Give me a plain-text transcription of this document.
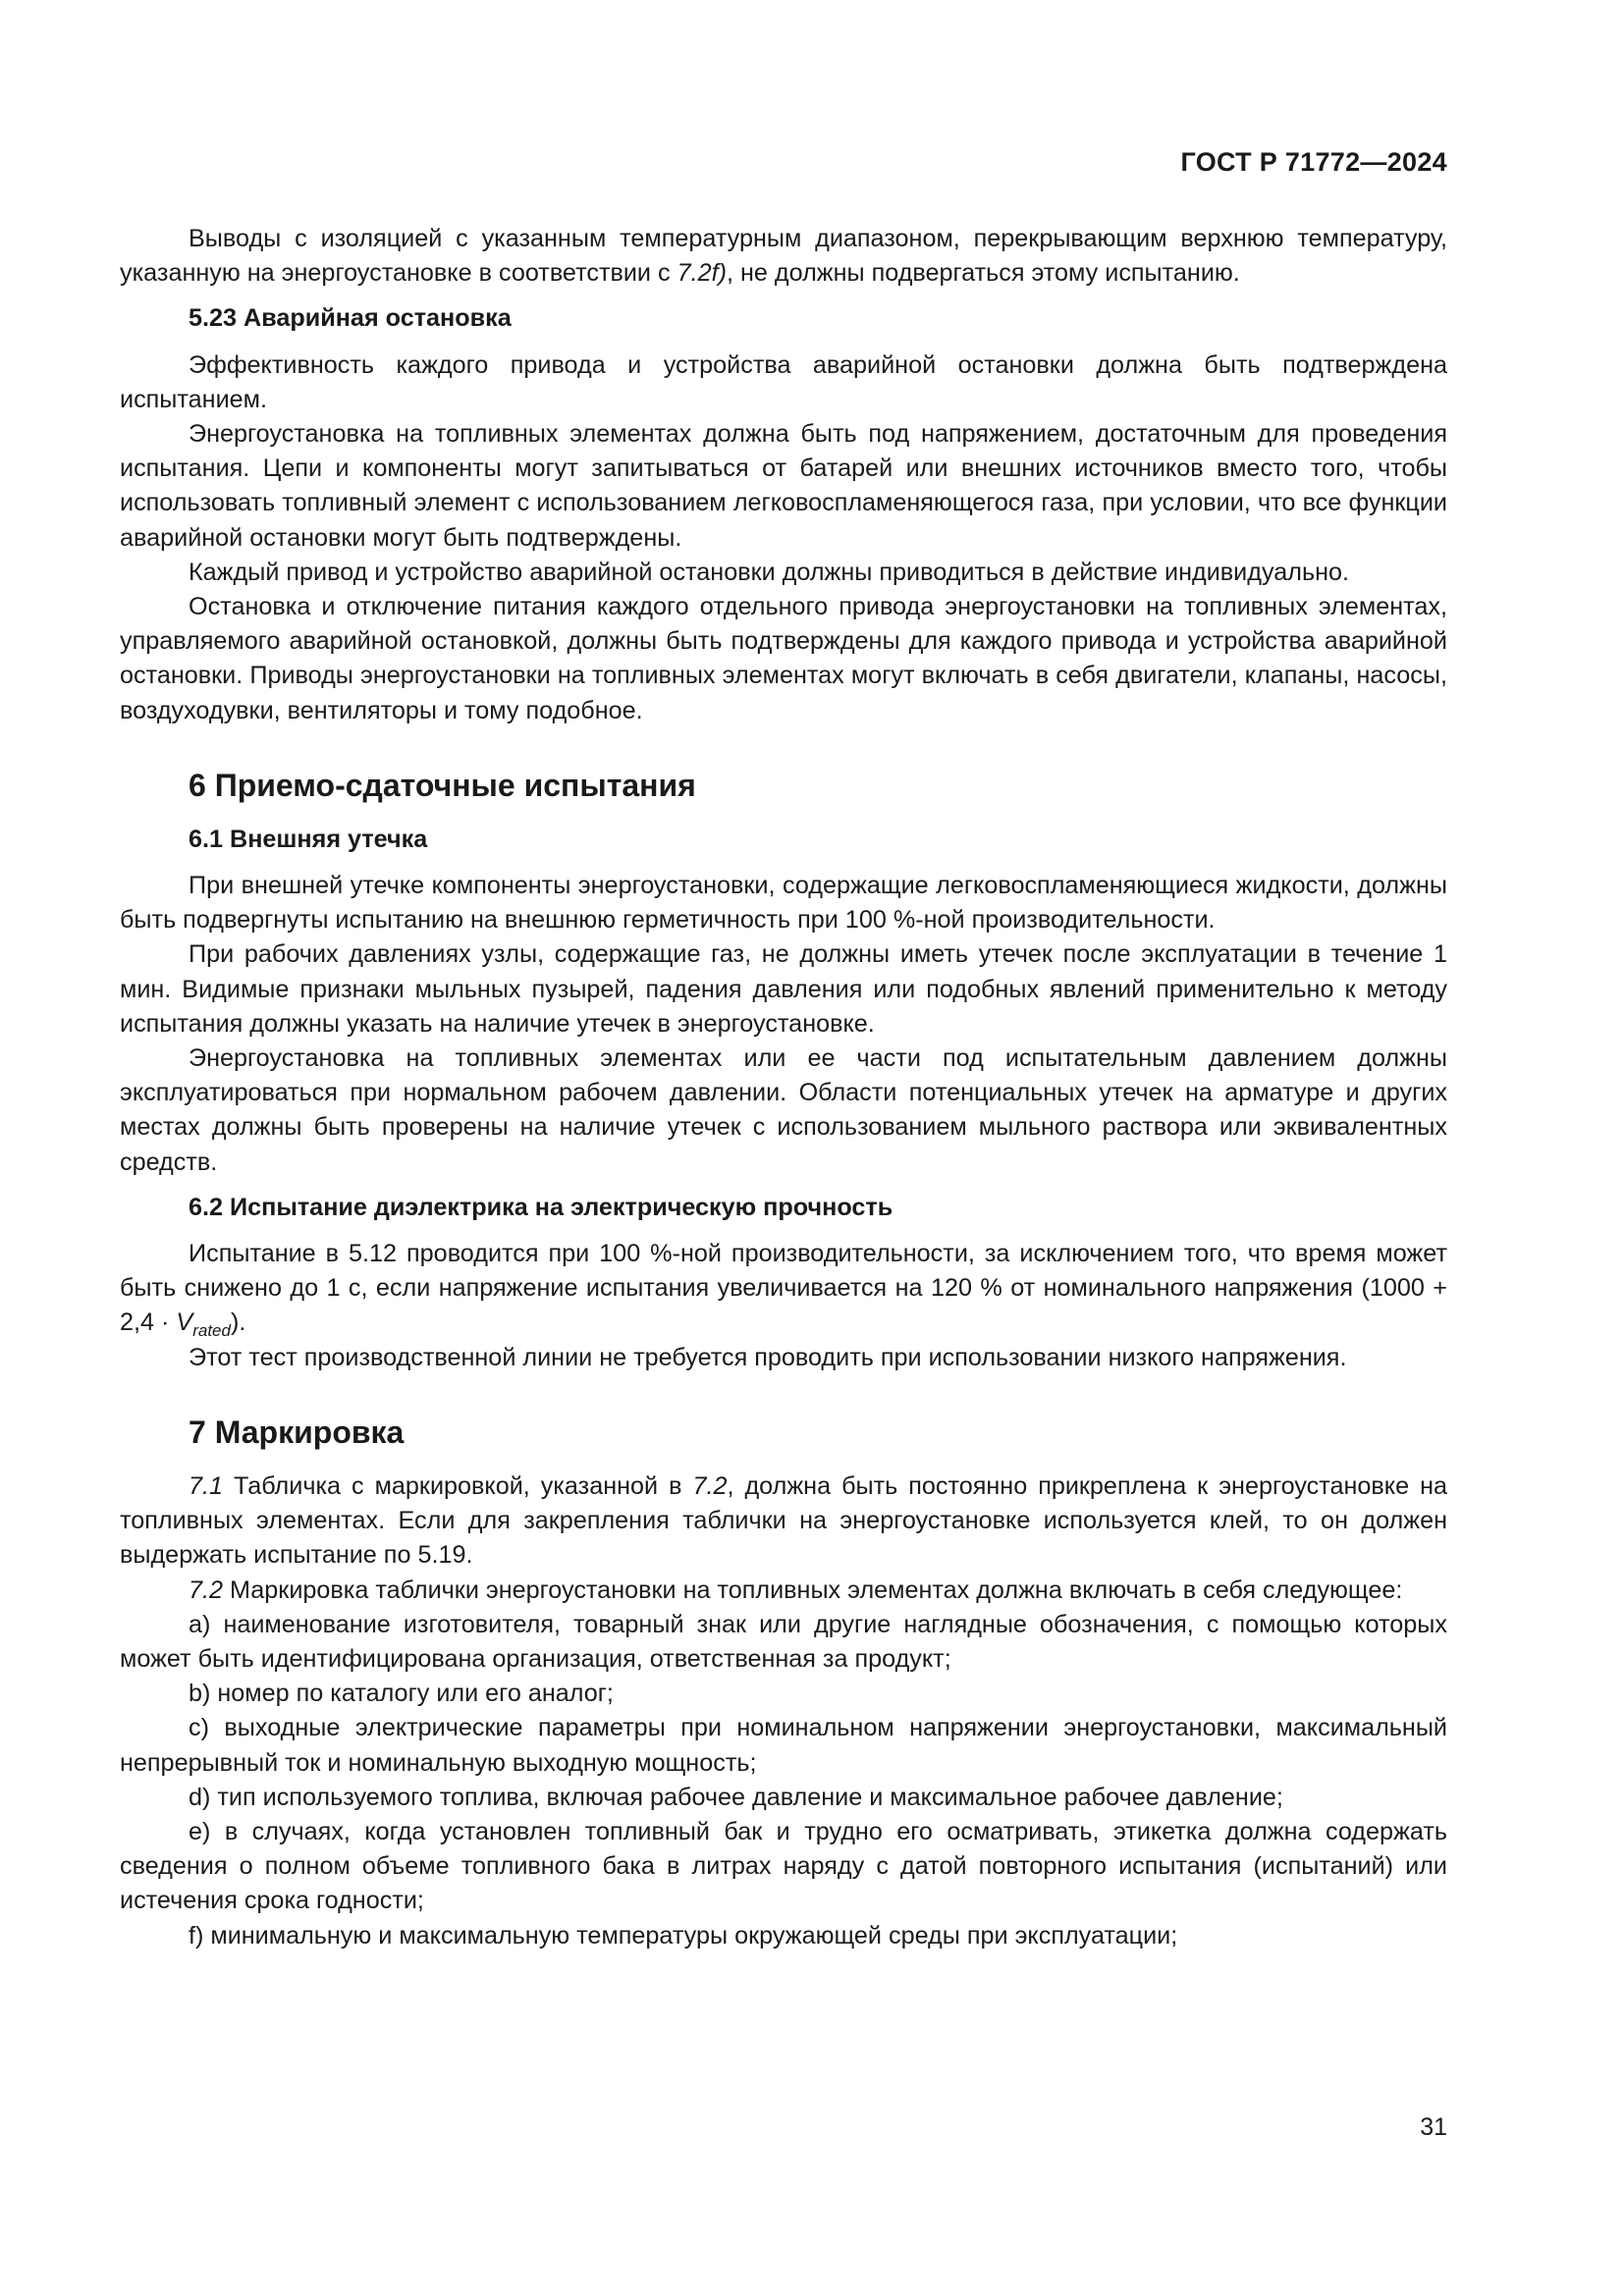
ГОСТ Р 71772—2024

Выводы с изоляцией с указанным температурным диапазоном, перекрывающим верхнюю температуру, указанную на энергоустановке в соответствии с 7.2f), не должны подвергаться этому испытанию.

5.23 Аварийная остановка

Эффективность каждого привода и устройства аварийной остановки должна быть подтверждена испытанием.

Энергоустановка на топливных элементах должна быть под напряжением, достаточным для проведения испытания. Цепи и компоненты могут запитываться от батарей или внешних источников вместо того, чтобы использовать топливный элемент с использованием легковоспламеняющегося газа, при условии, что все функции аварийной остановки могут быть подтверждены.

Каждый привод и устройство аварийной остановки должны приводиться в действие индивидуально.

Остановка и отключение питания каждого отдельного привода энергоустановки на топливных элементах, управляемого аварийной остановкой, должны быть подтверждены для каждого привода и устройства аварийной остановки. Приводы энергоустановки на топливных элементах могут включать в себя двигатели, клапаны, насосы, воздуходувки, вентиляторы и тому подобное.

6 Приемо-сдаточные испытания
6.1 Внешняя утечка

При внешней утечке компоненты энергоустановки, содержащие легковоспламеняющиеся жидкости, должны быть подвергнуты испытанию на внешнюю герметичность при 100 %-ной производительности.

При рабочих давлениях узлы, содержащие газ, не должны иметь утечек после эксплуатации в течение 1 мин. Видимые признаки мыльных пузырей, падения давления или подобных явлений применительно к методу испытания должны указать на наличие утечек в энергоустановке.

Энергоустановка на топливных элементах или ее части под испытательным давлением должны эксплуатироваться при нормальном рабочем давлении. Области потенциальных утечек на арматуре и других местах должны быть проверены на наличие утечек с использованием мыльного раствора или эквивалентных средств.

6.2 Испытание диэлектрика на электрическую прочность

Испытание в 5.12 проводится при 100 %-ной производительности, за исключением того, что время может быть снижено до 1 с, если напряжение испытания увеличивается на 120 % от номинального напряжения $(1000 + 2,4 \cdot V_{rated})$.

Этот тест производственной линии не требуется проводить при использовании низкого напряжения.

7 Маркировка

7.1 Табличка с маркировкой, указанной в 7.2, должна быть постоянно прикреплена к энергоустановке на топливных элементах. Если для закрепления таблички на энергоустановке используется клей, то он должен выдержать испытание по 5.19.

7.2 Маркировка таблички энергоустановки на топливных элементах должна включать в себя следующее:

a) наименование изготовителя, товарный знак или другие наглядные обозначения, с помощью которых может быть идентифицирована организация, ответственная за продукт;

b) номер по каталогу или его аналог;

c) выходные электрические параметры при номинальном напряжении энергоустановки, максимальный непрерывный ток и номинальную выходную мощность;

d) тип используемого топлива, включая рабочее давление и максимальное рабочее давление;

e) в случаях, когда установлен топливный бак и трудно его осматривать, этикетка должна содержать сведения о полном объеме топливного бака в литрах наряду с датой повторного испытания (испытаний) или истечения срока годности;

f) минимальную и максимальную температуры окружающей среды при эксплуатации;

31
